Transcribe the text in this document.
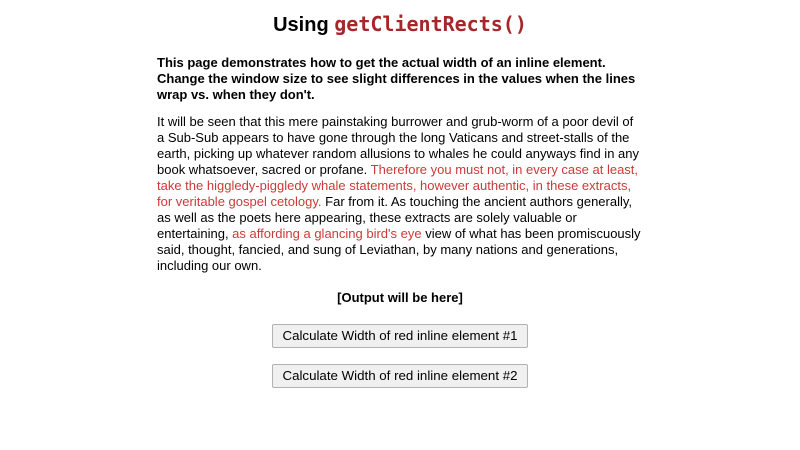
Using getClientRects()

This page demonstrates how to get the actual width of an inline element. Change the window size to see slight differences in the values when the lines wrap vs. when they don't.

It will be seen that this mere painstaking burrower and grub-worm of a poor devil of a Sub-Sub appears to have gone through the long Vaticans and street-stalls of the earth, picking up whatever random allusions to whales he could anyways find in any book whatsoever, sacred or profane. Therefore you must not, in every case at least, take the higgledy-piggledy whale statements, however authentic, in these extracts, for veritable gospel cetology. Far from it. As touching the ancient authors generally, as well as the poets here appearing, these extracts are solely valuable or entertaining, as affording a glancing bird's eye view of what has been promiscuously said, thought, fancied, and sung of Leviathan, by many nations and generations, including our own.

[Output will be here]

Calculate Width of red inline element #1
Calculate Width of red inline element #2
